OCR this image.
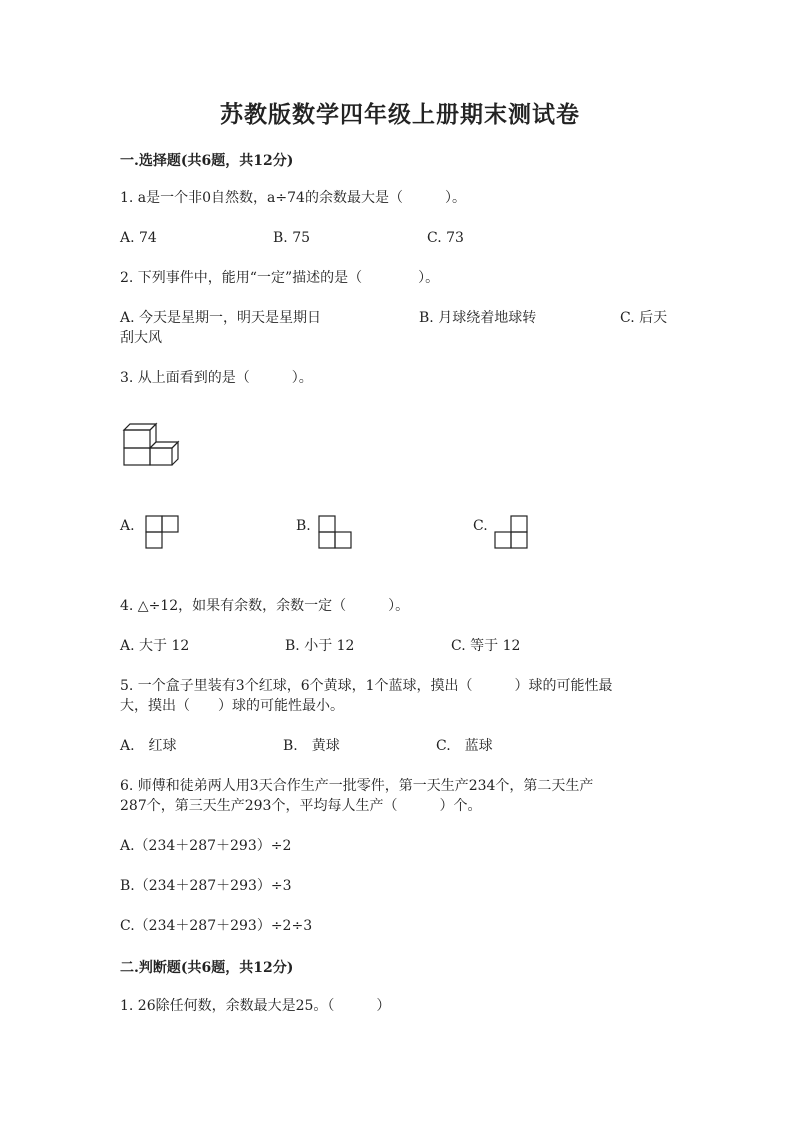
苏教版数学四年级上册期末测试卷
一.选择题(共6题，共12分)
1. a是一个非0自然数，a÷74的余数最大是（　　　）。
A. 74	B. 75	C. 73
2. 下列事件中，能用“一定”描述的是（　　　　）。
A. 今天是星期一，明天是星期日	B. 月球绕着地球转	C. 后天
刮大风
3. 从上面看到的是（　　　）。
A.	B.	C.
4. △÷12，如果有余数，余数一定（　　　）。
A. 大于 12	B. 小于 12	C. 等于 12
5. 一个盒子里装有3个红球，6个黄球，1个蓝球，摸出（　　　）球的可能性最
大，摸出（　　）球的可能性最小。
A.　红球	B.　黄球	C.　蓝球
6. 师傅和徒弟两人用3天合作生产一批零件，第一天生产234个，第二天生产
287个，第三天生产293个，平均每人生产（　　　）个。
A.（234＋287＋293）÷2
B.（234＋287＋293）÷3
C.（234＋287＋293）÷2÷3
二.判断题(共6题，共12分)
1. 26除任何数，余数最大是25。（　　　）
